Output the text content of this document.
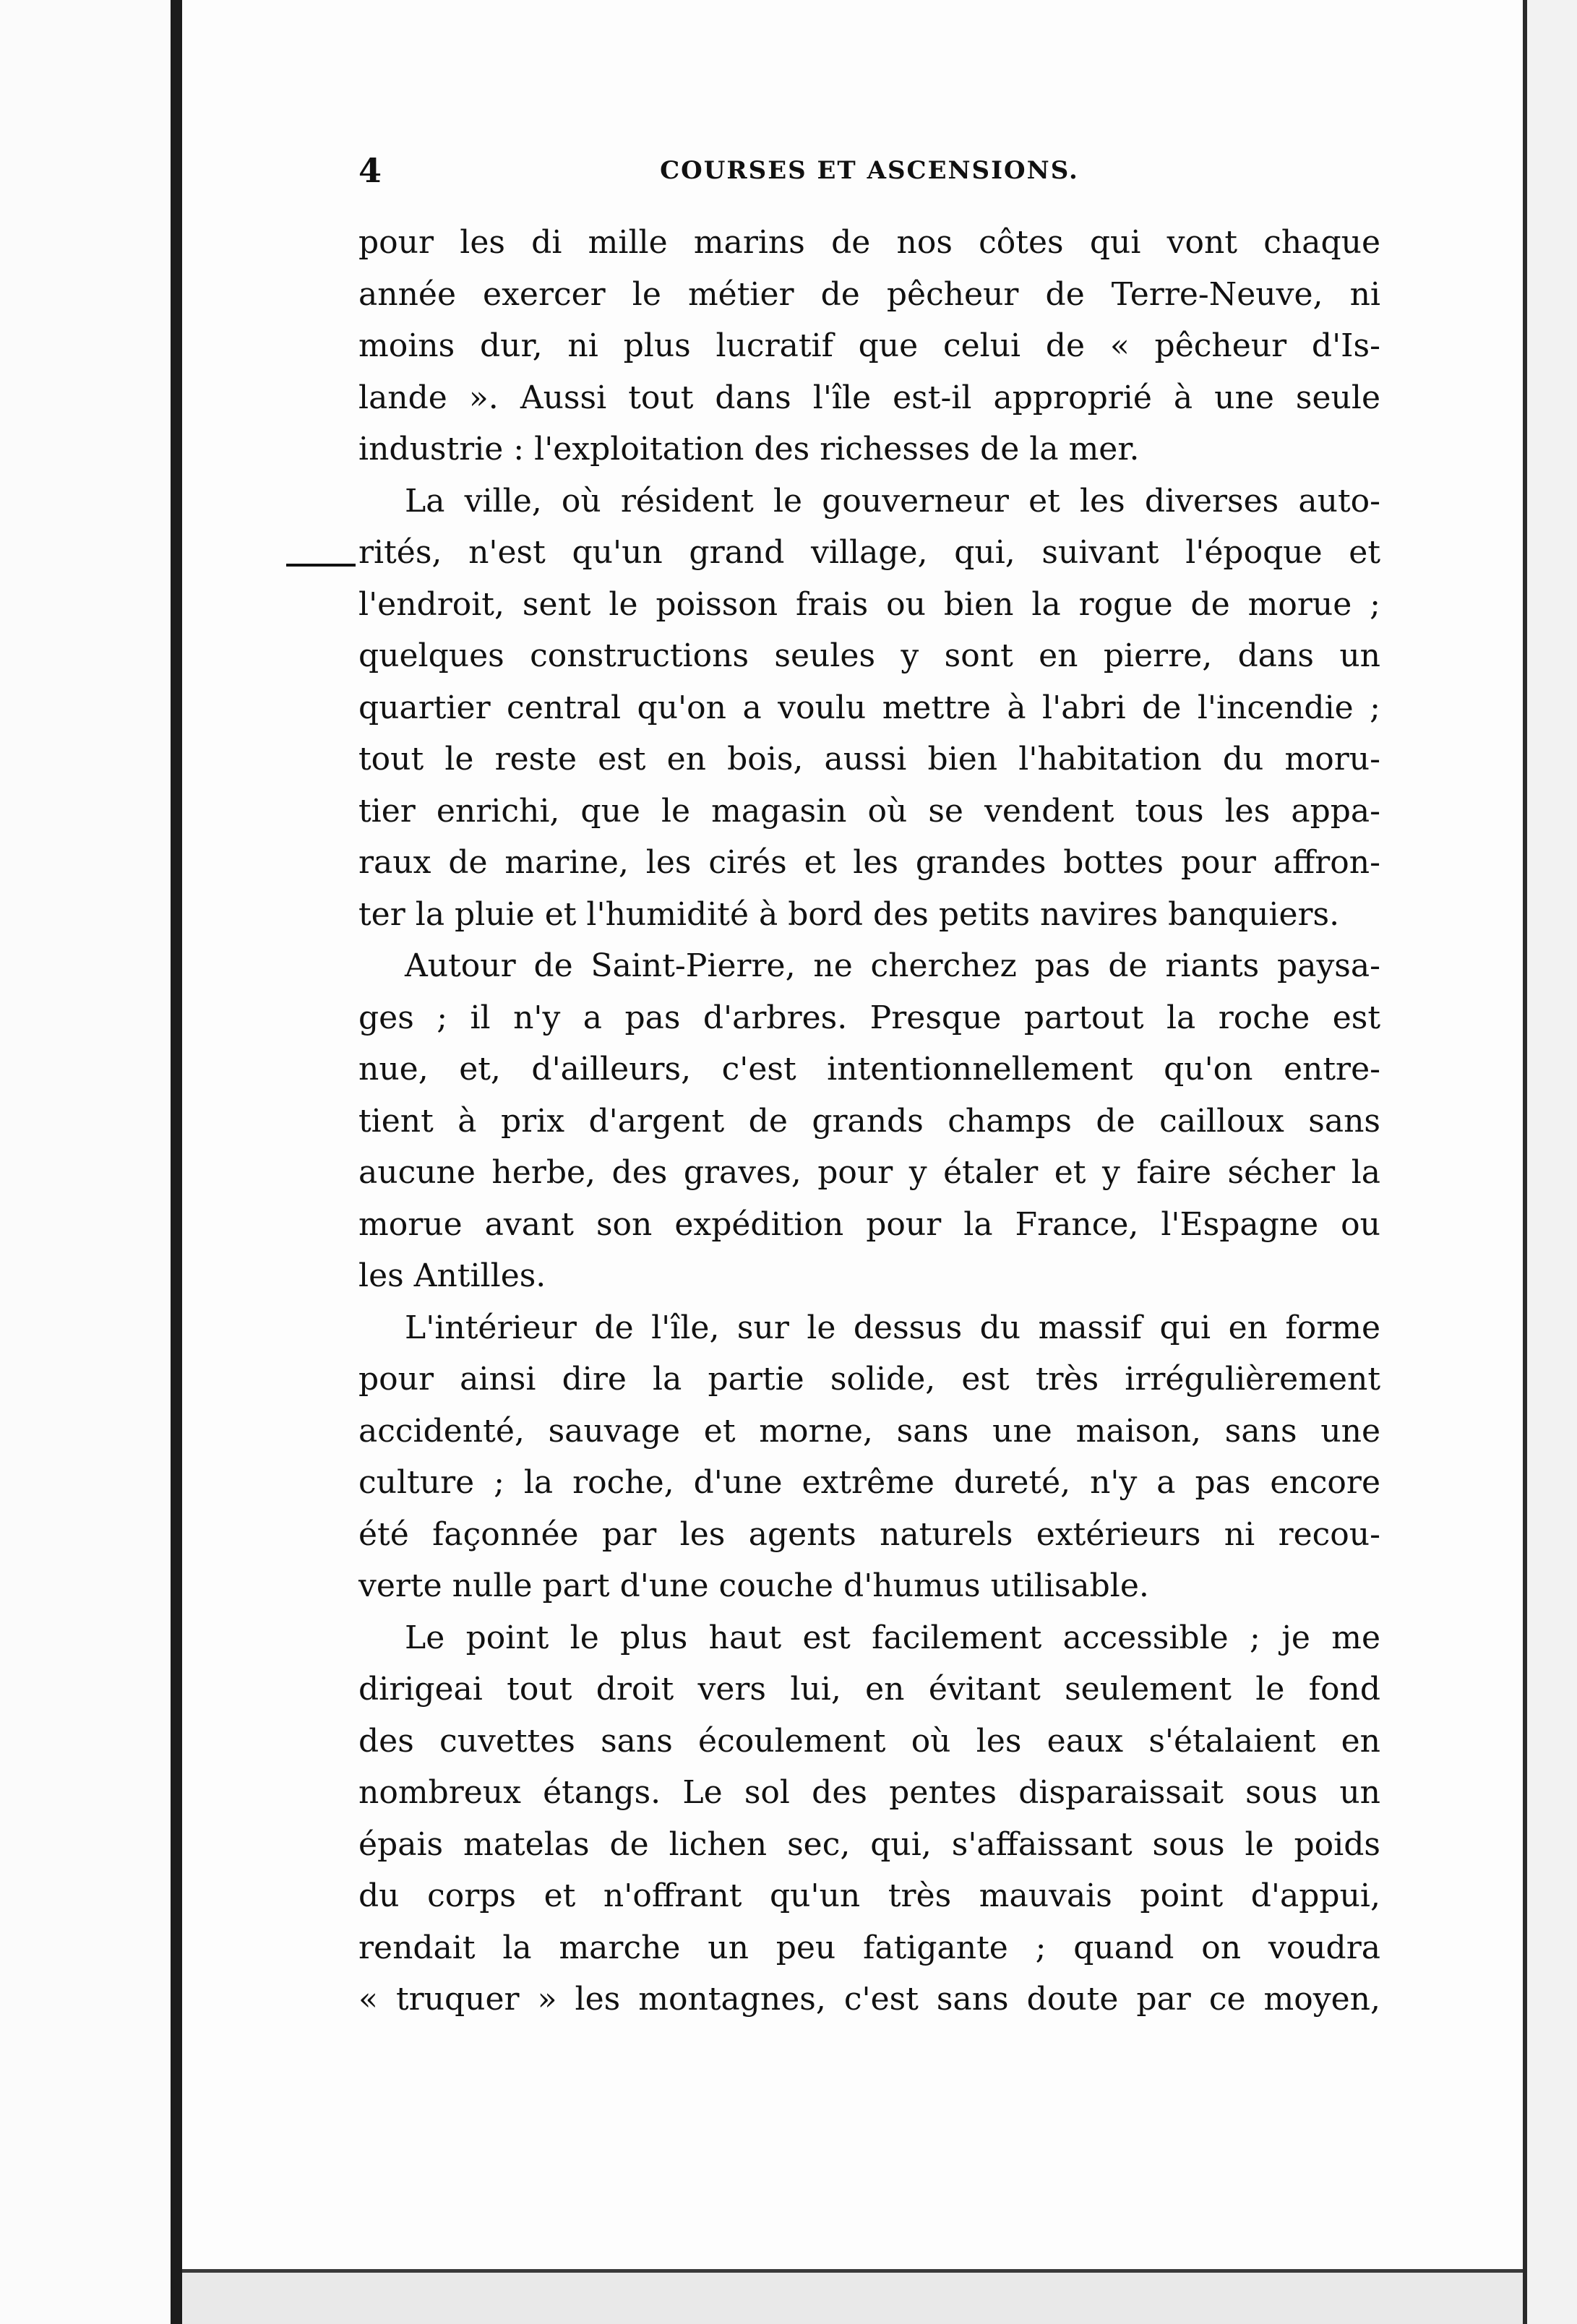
4	COURSES ET ASCENSIONS.
pour les di mille marins de nos côtes qui vont chaque
année exercer le métier de pêcheur de Terre-Neuve, ni
moins dur, ni plus lucratif que celui de « pêcheur d'Is-
lande ». Aussi tout dans l'île est-il approprié à une seule
industrie : l'exploitation des richesses de la mer.
La ville, où résident le gouverneur et les diverses auto-
rités, n'est qu'un grand village, qui, suivant l'époque et
l'endroit, sent le poisson frais ou bien la rogue de morue ;
quelques constructions seules y sont en pierre, dans un
quartier central qu'on a voulu mettre à l'abri de l'incendie ;
tout le reste est en bois, aussi bien l'habitation du moru-
tier enrichi, que le magasin où se vendent tous les appa-
raux de marine, les cirés et les grandes bottes pour affron-
ter la pluie et l'humidité à bord des petits navires banquiers.
Autour de Saint-Pierre, ne cherchez pas de riants paysa-
ges ; il n'y a pas d'arbres. Presque partout la roche est
nue, et, d'ailleurs, c'est intentionnellement qu'on entre-
tient à prix d'argent de grands champs de cailloux sans
aucune herbe, des graves, pour y étaler et y faire sécher la
morue avant son expédition pour la France, l'Espagne ou
les Antilles.
L'intérieur de l'île, sur le dessus du massif qui en forme
pour ainsi dire la partie solide, est très irrégulièrement
accidenté, sauvage et morne, sans une maison, sans une
culture ; la roche, d'une extrême dureté, n'y a pas encore
été façonnée par les agents naturels extérieurs ni recou-
verte nulle part d'une couche d'humus utilisable.
Le point le plus haut est facilement accessible ; je me
dirigeai tout droit vers lui, en évitant seulement le fond
des cuvettes sans écoulement où les eaux s'étalaient en
nombreux étangs. Le sol des pentes disparaissait sous un
épais matelas de lichen sec, qui, s'affaissant sous le poids
du corps et n'offrant qu'un très mauvais point d'appui,
rendait la marche un peu fatigante ; quand on voudra
« truquer » les montagnes, c'est sans doute par ce moyen,
